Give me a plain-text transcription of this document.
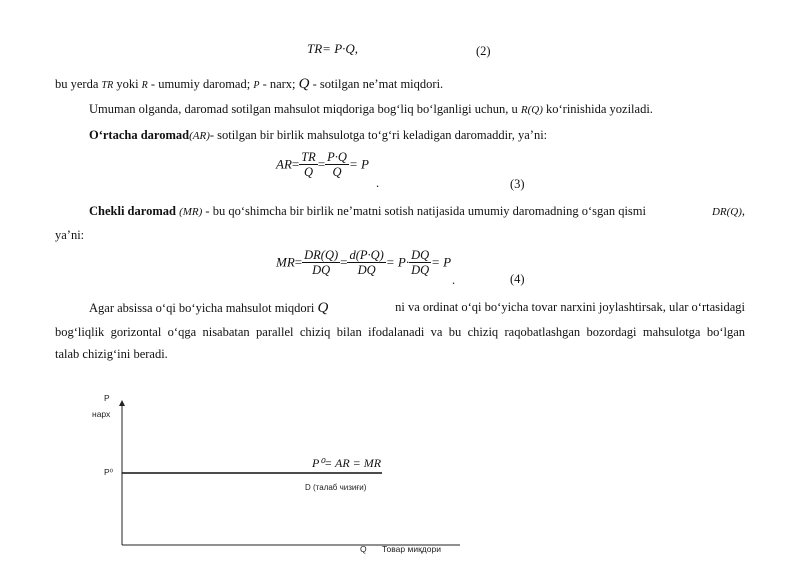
TR= P·Q,	(2)
bu yerda TR yoki R - umumiy daromad; P - narx; Q - sotilgan ne’mat miqdori.
Umuman olganda, daromad sotilgan mahsulot miqdoriga bog‘liq bo‘lganligi uchun, u R(Q) ko‘rinishida yoziladi.
O‘rtacha daromad(AR)- sotilgan bir birlik mahsulotga to‘g‘ri keladigan daromaddir, ya’ni:
$AR= \frac{TR}{Q} = \frac{P\cdot Q}{Q} = P$
.	(3)
Chekli daromad (MR) - bu qo‘shimcha bir birlik ne’matni sotish natijasida umumiy daromadning o‘sgan qismi	DR(Q),
ya’ni:
$MR= \frac{DR(Q)}{DQ} = \frac{d(P\cdot Q)}{DQ} = P\cdot \frac{DQ}{DQ} = P$
.	(4)
Agar absissa o‘qi bo‘yicha mahsulot miqdori Q	ni va ordinat o‘qi bo‘yicha tovar narxini joylashtirsak, ular o‘rtasidagi
bog‘liqlik gorizontal o‘qga nisabatan parallel chiziq bilan ifodalanadi va bu chiziq raqobatlashgan bozordagi mahsulotga bo‘lgan
talab chizig‘ini beradi.
P
нарх
P⁰
P⁰= AR = MR
D (талаб чизиғи)
Q Товар миқдори
